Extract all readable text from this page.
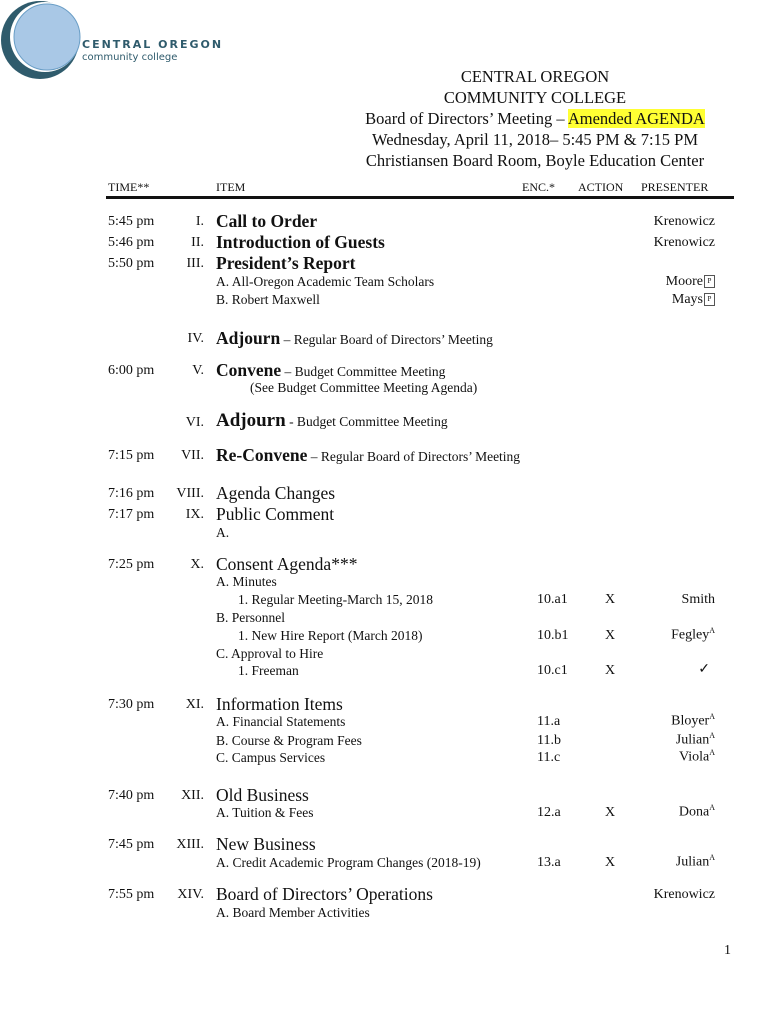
CENTRAL OREGON
community college
CENTRAL OREGON
COMMUNITY COLLEGE
Board of Directors’ Meeting – Amended AGENDA
Wednesday, April 11, 2018– 5:45 PM & 7:15 PM
Christiansen Board Room, Boyle Education Center
TIME**	ITEM	ENC.* ACTION PRESENTER
5:45 pm	I. Call to Order	Krenowicz
5:46 pm	II. Introduction of Guests	Krenowicz
5:50 pm	III. President’s Report
A. All-Oregon Academic Team Scholars	Moore P
B. Robert Maxwell	Mays P
IV. Adjourn – Regular Board of Directors’ Meeting
6:00 pm	V. Convene – Budget Committee Meeting
(See Budget Committee Meeting Agenda)
VI. Adjourn - Budget Committee Meeting
7:15 pm	VII. Re-Convene – Regular Board of Directors’ Meeting
7:16 pm	VIII. Agenda Changes
7:17 pm	IX. Public Comment
A.
7:25 pm	X. Consent Agenda***
A. Minutes
1. Regular Meeting-March 15, 2018	10.a1	X	Smith
B. Personnel
1. New Hire Report (March 2018)	10.b1	X	Fegley$^A$
C. Approval to Hire
1. Freeman	10.c1	X	✓
7:30 pm	XI. Information Items
A. Financial Statements	11.a	Bloyer$^A$
B. Course & Program Fees	11.b	Julian$^A$
C. Campus Services	11.c	Viola$^A$
7:40 pm	XII. Old Business
A. Tuition & Fees	12.a	X	Dona$^A$
7:45 pm	XIII. New Business
A. Credit Academic Program Changes (2018-19)	13.a	X	Julian$^A$
7:55 pm	XIV. Board of Directors’ Operations	Krenowicz
A. Board Member Activities
1
